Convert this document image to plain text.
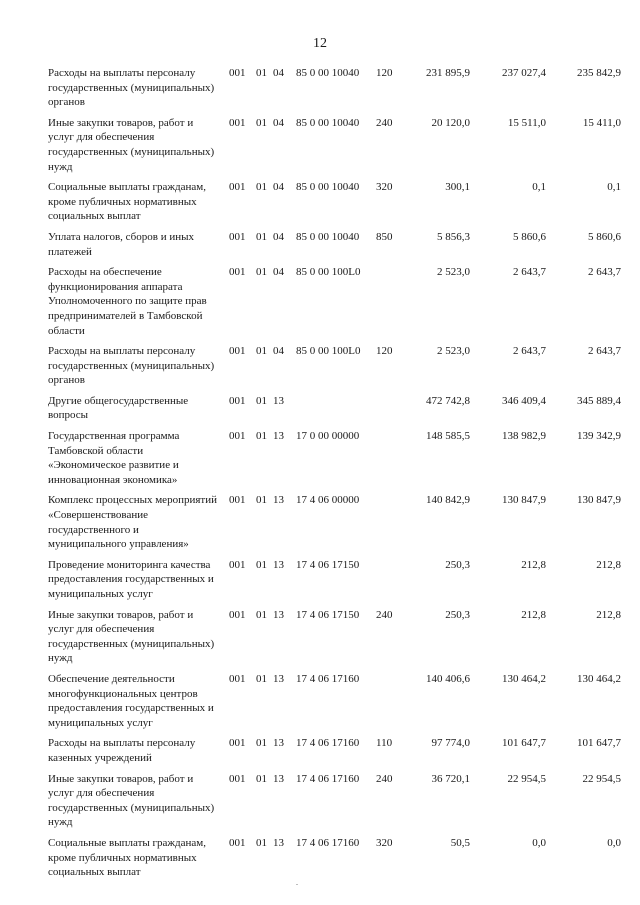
12
Расходы на выплаты персоналу государственных (муниципальных) органов
001 01 04 85 0 00 10040 120	231 895,9	237 027,4	235 842,9
Иные закупки товаров, работ и услуг для обеспечения государственных (муниципальных) нужд
001 01 04 85 0 00 10040 240	20 120,0	15 511,0	15 411,0
Социальные выплаты гражданам, кроме публичных нормативных социальных выплат
001 01 04 85 0 00 10040 320	300,1	0,1	0,1
Уплата налогов, сборов и иных платежей
001 01 04 85 0 00 10040 850	5 856,3	5 860,6	5 860,6
Расходы на обеспечение функционирования аппарата Уполномоченного по защите прав предпринимателей в Тамбовской области
001 01 04 85 0 00 100L0	2 523,0	2 643,7	2 643,7
Расходы на выплаты персоналу государственных (муниципальных) органов
001 01 04 85 0 00 100L0 120	2 523,0	2 643,7	2 643,7
Другие общегосударственные вопросы
001 01 13	472 742,8	346 409,4	345 889,4
Государственная программа Тамбовской области «Экономическое развитие и инновационная экономика»
001 01 13 17 0 00 00000	148 585,5	138 982,9	139 342,9
Комплекс процессных мероприятий «Совершенствование государственного и муниципального управления»
001 01 13 17 4 06 00000	140 842,9	130 847,9	130 847,9
Проведение мониторинга качества предоставления государственных и муниципальных услуг
001 01 13 17 4 06 17150	250,3	212,8	212,8
Иные закупки товаров, работ и услуг для обеспечения государственных (муниципальных) нужд
001 01 13 17 4 06 17150 240	250,3	212,8	212,8
Обеспечение деятельности многофункциональных центров предоставления государственных и муниципальных услуг
001 01 13 17 4 06 17160	140 406,6	130 464,2	130 464,2
Расходы на выплаты персоналу казенных учреждений
001 01 13 17 4 06 17160 110	97 774,0	101 647,7	101 647,7
Иные закупки товаров, работ и услуг для обеспечения государственных (муниципальных) нужд
001 01 13 17 4 06 17160 240	36 720,1	22 954,5	22 954,5
Социальные выплаты гражданам, кроме публичных нормативных социальных выплат
001 01 13 17 4 06 17160 320	50,5	0,0	0,0
